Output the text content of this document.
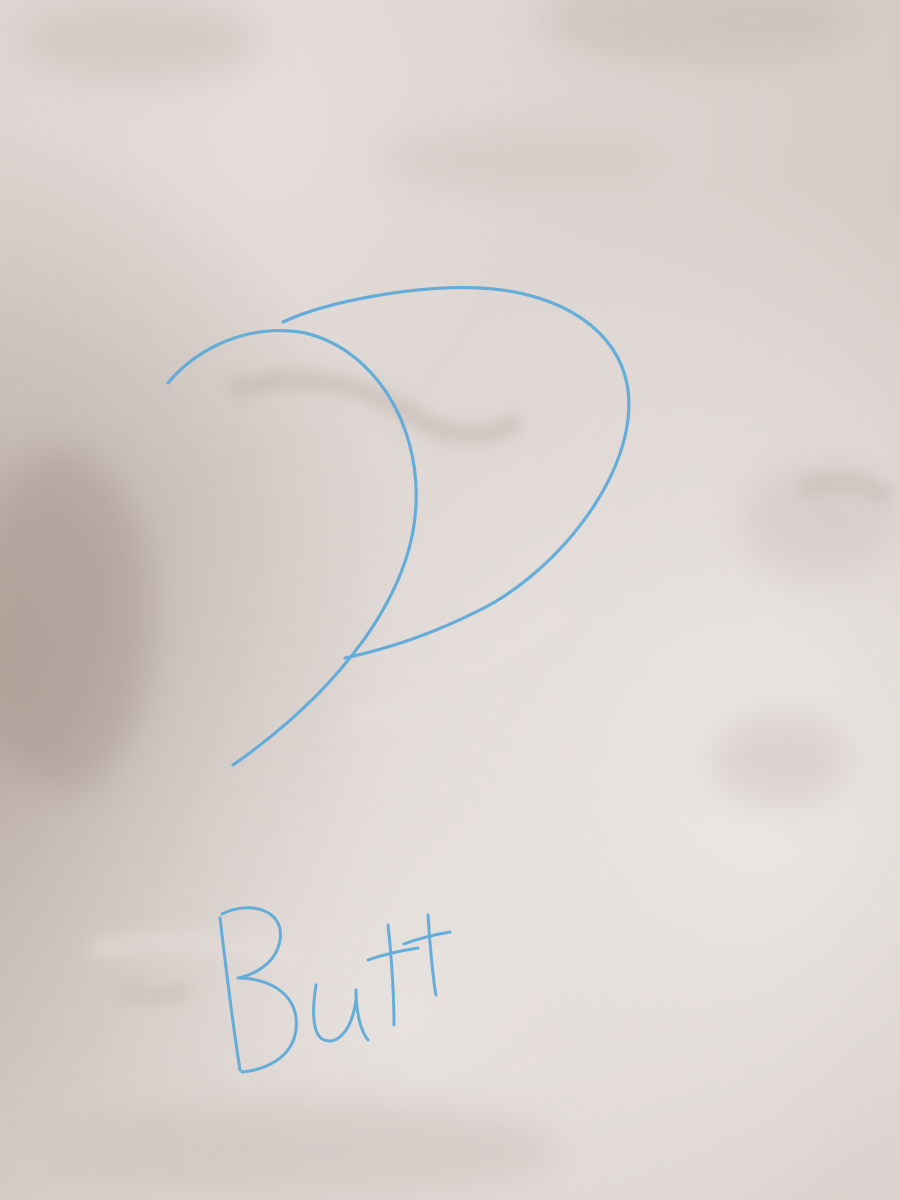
Butt
